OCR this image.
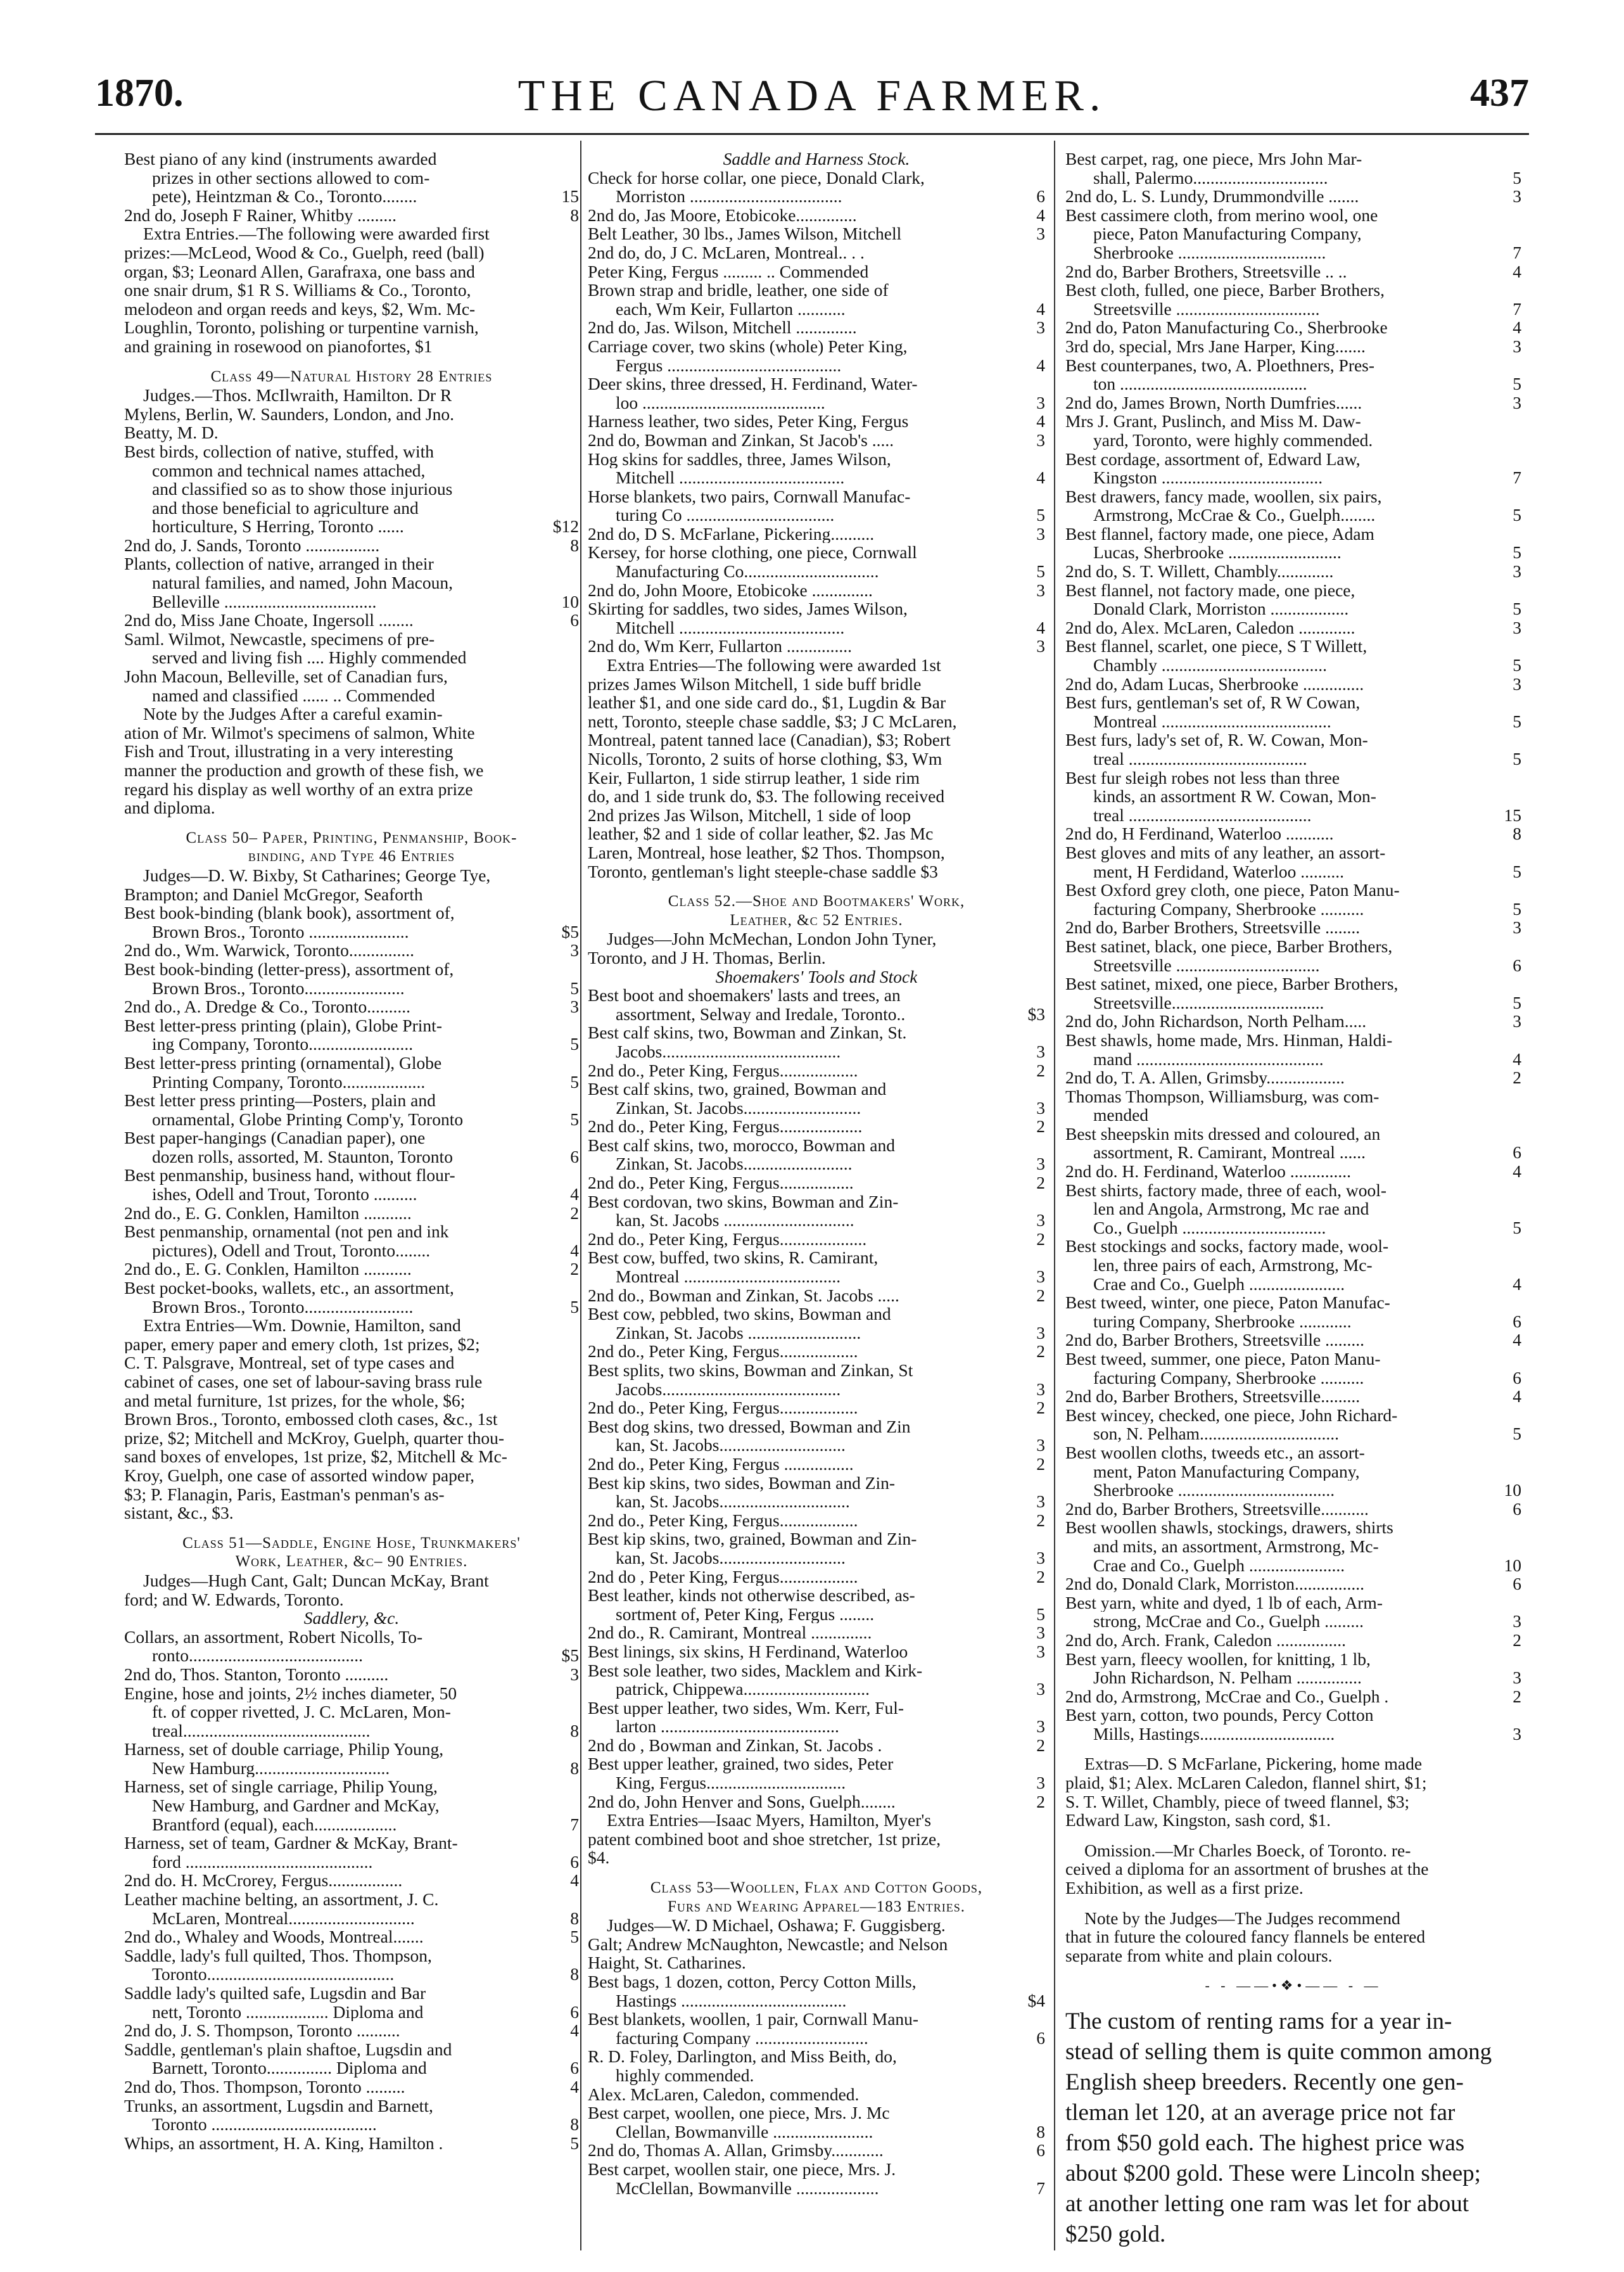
1870.	THE CANADA FARMER.	437
Best piano of any kind (instruments awarded
prizes in other sections allowed to com-
pete), Heintzman & Co., Toronto........	15
2nd do, Joseph F Rainer, Whitby .........	8
Extra Entries.—The following were awarded first
prizes:—McLeod, Wood & Co., Guelph, reed (ball)
organ, $3; Leonard Allen, Garafraxa, one bass and
one snair drum, $1 R S. Williams & Co., Toronto,
melodeon and organ reeds and keys, $2, Wm. Mc-
Loughlin, Toronto, polishing or turpentine varnish,
and graining in rosewood on pianofortes, $1
Class 49—Natural History 28 Entries
Judges.—Thos. McIlwraith, Hamilton. Dr R
Mylens, Berlin, W. Saunders, London, and Jno.
Beatty, M. D.
Best birds, collection of native, stuffed, with
common and technical names attached,
and classified so as to show those injurious
and those beneficial to agriculture and
horticulture, S Herring, Toronto ......	$12
2nd do, J. Sands, Toronto .................	8
Plants, collection of native, arranged in their
natural families, and named, John Macoun,
Belleville ...................................	10
2nd do, Miss Jane Choate, Ingersoll ........	6
Saml. Wilmot, Newcastle, specimens of pre-
served and living fish .... Highly commended
John Macoun, Belleville, set of Canadian furs,
named and classified ...... .. Commended
Note by the Judges After a careful examin-
ation of Mr. Wilmot's specimens of salmon, White
Fish and Trout, illustrating in a very interesting
manner the production and growth of these fish, we
regard his display as well worthy of an extra prize
and diploma.
Class 50– Paper, Printing, Penmanship, Book-
binding, and Type 46 Entries
Judges—D. W. Bixby, St Catharines; George Tye,
Brampton; and Daniel McGregor, Seaforth
Best book-binding (blank book), assortment of,
Brown Bros., Toronto .......................	$5
2nd do., Wm. Warwick, Toronto...............	3
Best book-binding (letter-press), assortment of,
Brown Bros., Toronto.......................	5
2nd do., A. Dredge & Co., Toronto..........	3
Best letter-press printing (plain), Globe Print-
ing Company, Toronto........................	5
Best letter-press printing (ornamental), Globe
Printing Company, Toronto...................	5
Best letter press printing—Posters, plain and
ornamental, Globe Printing Comp'y, Toronto	5
Best paper-hangings (Canadian paper), one
dozen rolls, assorted, M. Staunton, Toronto	6
Best penmanship, business hand, without flour-
ishes, Odell and Trout, Toronto ..........	4
2nd do., E. G. Conklen, Hamilton ...........	2
Best penmanship, ornamental (not pen and ink
pictures), Odell and Trout, Toronto........	4
2nd do., E. G. Conklen, Hamilton ...........	2
Best pocket-books, wallets, etc., an assortment,
Brown Bros., Toronto.........................	5
Extra Entries—Wm. Downie, Hamilton, sand
paper, emery paper and emery cloth, 1st prizes, $2;
C. T. Palsgrave, Montreal, set of type cases and
cabinet of cases, one set of labour-saving brass rule
and metal furniture, 1st prizes, for the whole, $6;
Brown Bros., Toronto, embossed cloth cases, &c., 1st
prize, $2; Mitchell and McKroy, Guelph, quarter thou-
sand boxes of envelopes, 1st prize, $2, Mitchell & Mc-
Kroy, Guelph, one case of assorted window paper,
$3; P. Flanagin, Paris, Eastman's penman's as-
sistant, &c., $3.
Class 51—Saddle, Engine Hose, Trunkmakers'
Work, Leather, &c– 90 Entries.
Judges—Hugh Cant, Galt; Duncan McKay, Brant
ford; and W. Edwards, Toronto.
Saddlery, &c.
Collars, an assortment, Robert Nicolls, To-
ronto........................................	$5
2nd do, Thos. Stanton, Toronto ..........	3
Engine, hose and joints, 2½ inches diameter, 50
ft. of copper rivetted, J. C. McLaren, Mon-
treal...........................................	8
Harness, set of double carriage, Philip Young,
New Hamburg...............................	8
Harness, set of single carriage, Philip Young,
New Hamburg, and Gardner and McKay,
Brantford (equal), each...................	7
Harness, set of team, Gardner & McKay, Brant-
ford ...........................................	6
2nd do. H. McCrorey, Fergus.................	4
Leather machine belting, an assortment, J. C.
McLaren, Montreal.............................	8
2nd do., Whaley and Woods, Montreal.......	5
Saddle, lady's full quilted, Thos. Thompson,
Toronto...........................................	8
Saddle lady's quilted safe, Lugsdin and Bar
nett, Toronto ................... Diploma and	6
2nd do, J. S. Thompson, Toronto ..........	4
Saddle, gentleman's plain shaftoe, Lugsdin and
Barnett, Toronto............... Diploma and	6
2nd do, Thos. Thompson, Toronto .........	4
Trunks, an assortment, Lugsdin and Barnett,
Toronto ......................................	8
Whips, an assortment, H. A. King, Hamilton .	5
Saddle and Harness Stock.
Check for horse collar, one piece, Donald Clark,
Morriston ...................................	6
2nd do, Jas Moore, Etobicoke..............	4
Belt Leather, 30 lbs., James Wilson, Mitchell	3
2nd do, do, J C. McLaren, Montreal.. . .
Peter King, Fergus ......... .. Commended
Brown strap and bridle, leather, one side of
each, Wm Keir, Fullarton ...........	4
2nd do, Jas. Wilson, Mitchell ..............	3
Carriage cover, two skins (whole) Peter King,
Fergus ........................................	4
Deer skins, three dressed, H. Ferdinand, Water-
loo ..........................................	3
Harness leather, two sides, Peter King, Fergus	4
2nd do, Bowman and Zinkan, St Jacob's .....	3
Hog skins for saddles, three, James Wilson,
Mitchell ......................................	4
Horse blankets, two pairs, Cornwall Manufac-
turing Co ..................................	5
2nd do, D S. McFarlane, Pickering..........	3
Kersey, for horse clothing, one piece, Cornwall
Manufacturing Co...............................	5
2nd do, John Moore, Etobicoke ..............	3
Skirting for saddles, two sides, James Wilson,
Mitchell ......................................	4
2nd do, Wm Kerr, Fullarton ...............	3
Extra Entries—The following were awarded 1st
prizes James Wilson Mitchell, 1 side buff bridle
leather $1, and one side card do., $1, Lugdin & Bar
nett, Toronto, steeple chase saddle, $3; J C McLaren,
Montreal, patent tanned lace (Canadian), $3; Robert
Nicolls, Toronto, 2 suits of horse clothing, $3, Wm
Keir, Fullarton, 1 side stirrup leather, 1 side rim
do, and 1 side trunk do, $3. The following received
2nd prizes Jas Wilson, Mitchell, 1 side of loop
leather, $2 and 1 side of collar leather, $2. Jas Mc
Laren, Montreal, hose leather, $2 Thos. Thompson,
Toronto, gentleman's light steeple-chase saddle $3
Class 52.—Shoe and Bootmakers' Work,
Leather, &c 52 Entries.
Judges—John McMechan, London John Tyner,
Toronto, and J H. Thomas, Berlin.
Shoemakers' Tools and Stock
Best boot and shoemakers' lasts and trees, an
assortment, Selway and Iredale, Toronto..	$3
Best calf skins, two, Bowman and Zinkan, St.
Jacobs.........................................	3
2nd do., Peter King, Fergus..................	2
Best calf skins, two, grained, Bowman and
Zinkan, St. Jacobs...........................	3
2nd do., Peter King, Fergus...................	2
Best calf skins, two, morocco, Bowman and
Zinkan, St. Jacobs.........................	3
2nd do., Peter King, Fergus.................	2
Best cordovan, two skins, Bowman and Zin-
kan, St. Jacobs ..............................	3
2nd do., Peter King, Fergus....................	2
Best cow, buffed, two skins, R. Camirant,
Montreal ....................................	3
2nd do., Bowman and Zinkan, St. Jacobs .....	2
Best cow, pebbled, two skins, Bowman and
Zinkan, St. Jacobs ..........................	3
2nd do., Peter King, Fergus..................	2
Best splits, two skins, Bowman and Zinkan, St
Jacobs.........................................	3
2nd do., Peter King, Fergus..................	2
Best dog skins, two dressed, Bowman and Zin
kan, St. Jacobs.............................	3
2nd do., Peter King, Fergus ................	2
Best kip skins, two sides, Bowman and Zin-
kan, St. Jacobs..............................	3
2nd do., Peter King, Fergus..................	2
Best kip skins, two, grained, Bowman and Zin-
kan, St. Jacobs.............................	3
2nd do , Peter King, Fergus..................	2
Best leather, kinds not otherwise described, as-
sortment of, Peter King, Fergus ........	5
2nd do., R. Camirant, Montreal ..............	3
Best linings, six skins, H Ferdinand, Waterloo	3
Best sole leather, two sides, Macklem and Kirk-
patrick, Chippewa.............................	3
Best upper leather, two sides, Wm. Kerr, Ful-
larton .........................................	3
2nd do , Bowman and Zinkan, St. Jacobs .	2
Best upper leather, grained, two sides, Peter
King, Fergus................................	3
2nd do, John Henver and Sons, Guelph........	2
Extra Entries—Isaac Myers, Hamilton, Myer's
patent combined boot and shoe stretcher, 1st prize,
$4.
Class 53—Woollen, Flax and Cotton Goods,
Furs and Wearing Apparel—183 Entries.
Judges—W. D Michael, Oshawa; F. Guggisberg.
Galt; Andrew McNaughton, Newcastle; and Nelson
Haight, St. Catharines.
Best bags, 1 dozen, cotton, Percy Cotton Mills,
Hastings ......................................	$4
Best blankets, woollen, 1 pair, Cornwall Manu-
facturing Company ..........................	6
R. D. Foley, Darlington, and Miss Beith, do,
highly commended.
Alex. McLaren, Caledon, commended.
Best carpet, woollen, one piece, Mrs. J. Mc
Clellan, Bowmanville .......................	8
2nd do, Thomas A. Allan, Grimsby............	6
Best carpet, woollen stair, one piece, Mrs. J.
McClellan, Bowmanville ...................	7
Best carpet, rag, one piece, Mrs John Mar-
shall, Palermo...............................	5
2nd do, L. S. Lundy, Drummondville .......	3
Best cassimere cloth, from merino wool, one
piece, Paton Manufacturing Company,
Sherbrooke ..................................	7
2nd do, Barber Brothers, Streetsville .. ..	4
Best cloth, fulled, one piece, Barber Brothers,
Streetsville .................................	7
2nd do, Paton Manufacturing Co., Sherbrooke	4
3rd do, special, Mrs Jane Harper, King.......	3
Best counterpanes, two, A. Ploethners, Pres-
ton ...........................................	5
2nd do, James Brown, North Dumfries......	3
Mrs J. Grant, Puslinch, and Miss M. Daw-
yard, Toronto, were highly commended.
Best cordage, assortment of, Edward Law,
Kingston .....................................	7
Best drawers, fancy made, woollen, six pairs,
Armstrong, McCrae & Co., Guelph........	5
Best flannel, factory made, one piece, Adam
Lucas, Sherbrooke ..........................	5
2nd do, S. T. Willett, Chambly.............	3
Best flannel, not factory made, one piece,
Donald Clark, Morriston ..................	5
2nd do, Alex. McLaren, Caledon .............	3
Best flannel, scarlet, one piece, S T Willett,
Chambly ......................................	5
2nd do, Adam Lucas, Sherbrooke ..............	3
Best furs, gentleman's set of, R W Cowan,
Montreal .......................................	5
Best furs, lady's set of, R. W. Cowan, Mon-
treal .........................................	5
Best fur sleigh robes not less than three
kinds, an assortment R W. Cowan, Mon-
treal ..........................................	15
2nd do, H Ferdinand, Waterloo ...........	8
Best gloves and mits of any leather, an assort-
ment, H Ferdidand, Waterloo ..........	5
Best Oxford grey cloth, one piece, Paton Manu-
facturing Company, Sherbrooke ..........	5
2nd do, Barber Brothers, Streetsville ........	3
Best satinet, black, one piece, Barber Brothers,
Streetsville .................................	6
Best satinet, mixed, one piece, Barber Brothers,
Streetsville...................................	5
2nd do, John Richardson, North Pelham.....	3
Best shawls, home made, Mrs. Hinman, Haldi-
mand ...........................................	4
2nd do, T. A. Allen, Grimsby..................	2
Thomas Thompson, Williamsburg, was com-
mended
Best sheepskin mits dressed and coloured, an
assortment, R. Camirant, Montreal ......	6
2nd do. H. Ferdinand, Waterloo ..............	4
Best shirts, factory made, three of each, wool-
len and Angola, Armstrong, Mc rae and
Co., Guelph .................................	5
Best stockings and socks, factory made, wool-
len, three pairs of each, Armstrong, Mc-
Crae and Co., Guelph ......................	4
Best tweed, winter, one piece, Paton Manufac-
turing Company, Sherbrooke ............	6
2nd do, Barber Brothers, Streetsville .........	4
Best tweed, summer, one piece, Paton Manu-
facturing Company, Sherbrooke ..........	6
2nd do, Barber Brothers, Streetsville.........	4
Best wincey, checked, one piece, John Richard-
son, N. Pelham................................	5
Best woollen cloths, tweeds etc., an assort-
ment, Paton Manufacturing Company,
Sherbrooke ....................................	10
2nd do, Barber Brothers, Streetsville...........	6
Best woollen shawls, stockings, drawers, shirts
and mits, an assortment, Armstrong, Mc-
Crae and Co., Guelph ......................	10
2nd do, Donald Clark, Morriston................	6
Best yarn, white and dyed, 1 lb of each, Arm-
strong, McCrae and Co., Guelph .........	3
2nd do, Arch. Frank, Caledon ................	2
Best yarn, fleecy woollen, for knitting, 1 lb,
John Richardson, N. Pelham ...............	3
2nd do, Armstrong, McCrae and Co., Guelph .	2
Best yarn, cotton, two pounds, Percy Cotton
Mills, Hastings...............................	3
Extras—D. S McFarlane, Pickering, home made
plaid, $1; Alex. McLaren Caledon, flannel shirt, $1;
S. T. Willet, Chambly, piece of tweed flannel, $3;
Edward Law, Kingston, sash cord, $1.
Omission.—Mr Charles Boeck, of Toronto. re-
ceived a diploma for an assortment of brushes at the
Exhibition, as well as a first prize.
Note by the Judges—The Judges recommend
that in future the coloured fancy flannels be entered
separate from white and plain colours.
- - ——•❖•—— - —
The custom of renting rams for a year in-
stead of selling them is quite common among
English sheep breeders. Recently one gen-
tleman let 120, at an average price not far
from $50 gold each. The highest price was
about $200 gold. These were Lincoln sheep;
at another letting one ram was let for about
$250 gold.
